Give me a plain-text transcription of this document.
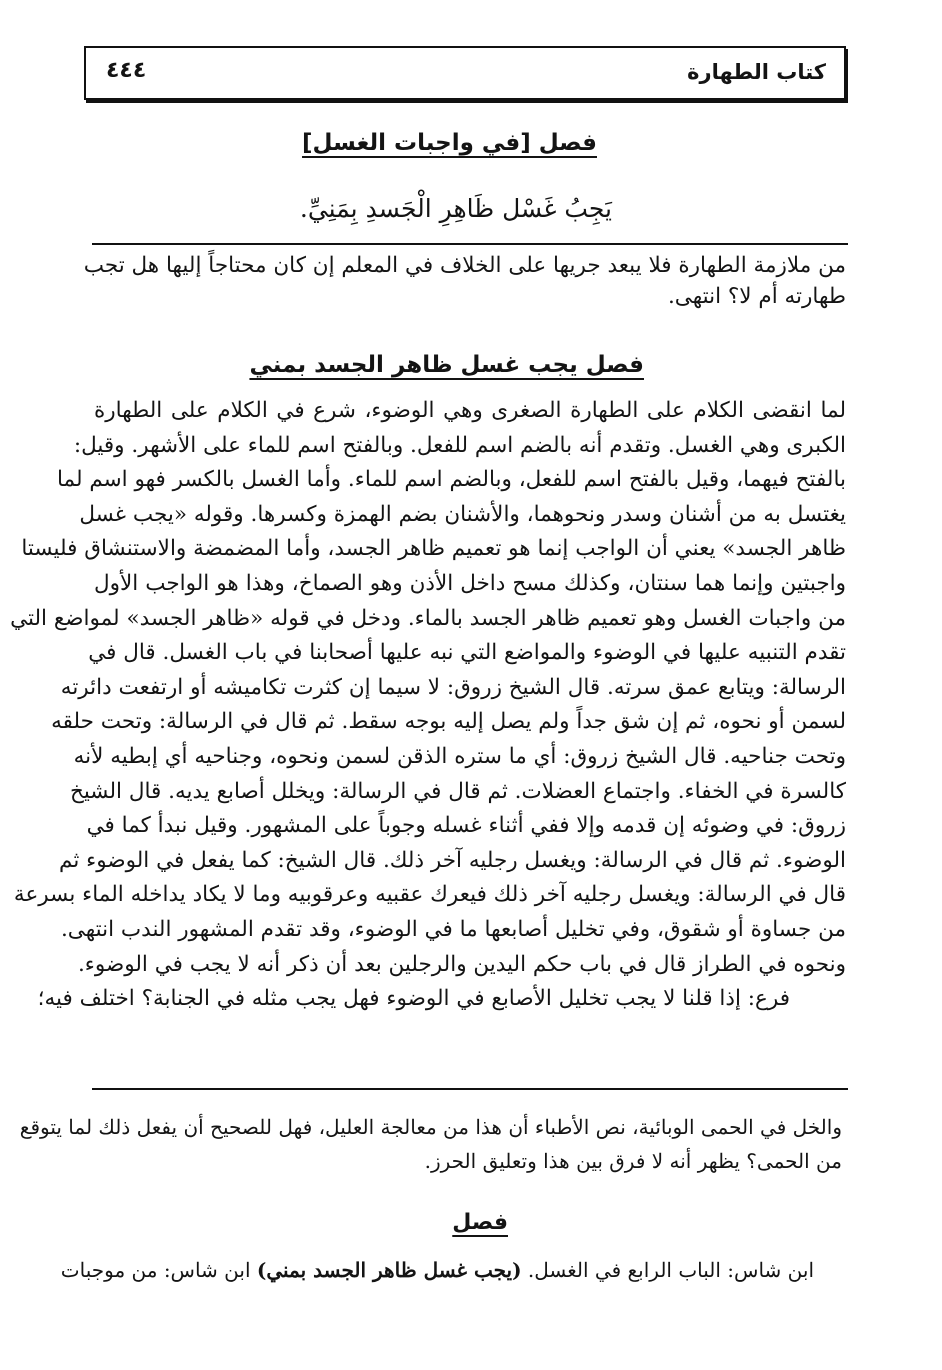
كتاب الطهارة
٤٤٤
فصل [في واجبات الغسل]
يَجِبُ غَسْل ظَاهِرِ الْجَسدِ بِمَنِيِّ.
من ملازمة الطهارة فلا يبعد جريها على الخلاف في المعلم إن كان محتاجاً إليها هل تجب
طهارته أم لا؟ انتهى.
فصل يجب غسل ظاهر الجسد بمني
لما انقضى الكلام على الطهارة الصغرى وهي الوضوء، شرع في الكلام على الطهارة
الكبرى وهي الغسل. وتقدم أنه بالضم اسم للفعل. وبالفتح اسم للماء على الأشهر. وقيل:
بالفتح فيهما، وقيل بالفتح اسم للفعل، وبالضم اسم للماء. وأما الغسل بالكسر فهو اسم لما
يغتسل به من أشنان وسدر ونحوهما، والأشنان بضم الهمزة وكسرها. وقوله «يجب غسل
ظاهر الجسد» يعني أن الواجب إنما هو تعميم ظاهر الجسد، وأما المضمضة والاستنشاق فليستا
واجبتين وإنما هما سنتان، وكذلك مسح داخل الأذن وهو الصماخ، وهذا هو الواجب الأول
من واجبات الغسل وهو تعميم ظاهر الجسد بالماء. ودخل في قوله «ظاهر الجسد» لمواضع التي
تقدم التنبيه عليها في الوضوء والمواضع التي نبه عليها أصحابنا في باب الغسل. قال في
الرسالة: ويتابع عمق سرته. قال الشيخ زروق: لا سيما إن كثرت تكاميشه أو ارتفعت دائرته
لسمن أو نحوه، ثم إن شق جداً ولم يصل إليه بوجه سقط. ثم قال في الرسالة: وتحت حلقه
وتحت جناحيه. قال الشيخ زروق: أي ما ستره الذقن لسمن ونحوه، وجناحيه أي إبطيه لأنه
كالسرة في الخفاء. واجتماع العضلات. ثم قال في الرسالة: ويخلل أصابع يديه. قال الشيخ
زروق: في وضوئه إن قدمه وإلا ففي أثناء غسله وجوباً على المشهور. وقيل نبدأ كما في
الوضوء. ثم قال في الرسالة: ويغسل رجليه آخر ذلك. قال الشيخ: كما يفعل في الوضوء ثم
قال في الرسالة: ويغسل رجليه آخر ذلك فيعرك عقبيه وعرقوبيه وما لا يكاد يداخله الماء بسرعة
من جساوة أو شقوق، وفي تخليل أصابعها ما في الوضوء، وقد تقدم المشهور الندب انتهى.
ونحوه في الطراز قال في باب حكم اليدين والرجلين بعد أن ذكر أنه لا يجب في الوضوء.
فرع: إذا قلنا لا يجب تخليل الأصابع في الوضوء فهل يجب مثله في الجنابة؟ اختلف فيه؛
والخل في الحمى الوبائية، نص الأطباء أن هذا من معالجة العليل، فهل للصحيح أن يفعل ذلك لما يتوقع
من الحمى؟ يظهر أنه لا فرق بين هذا وتعليق الحرز.
فصل
ابن شاس: الباب الرابع في الغسل. (يجب غسل ظاهر الجسد بمني) ابن شاس: من موجبات
